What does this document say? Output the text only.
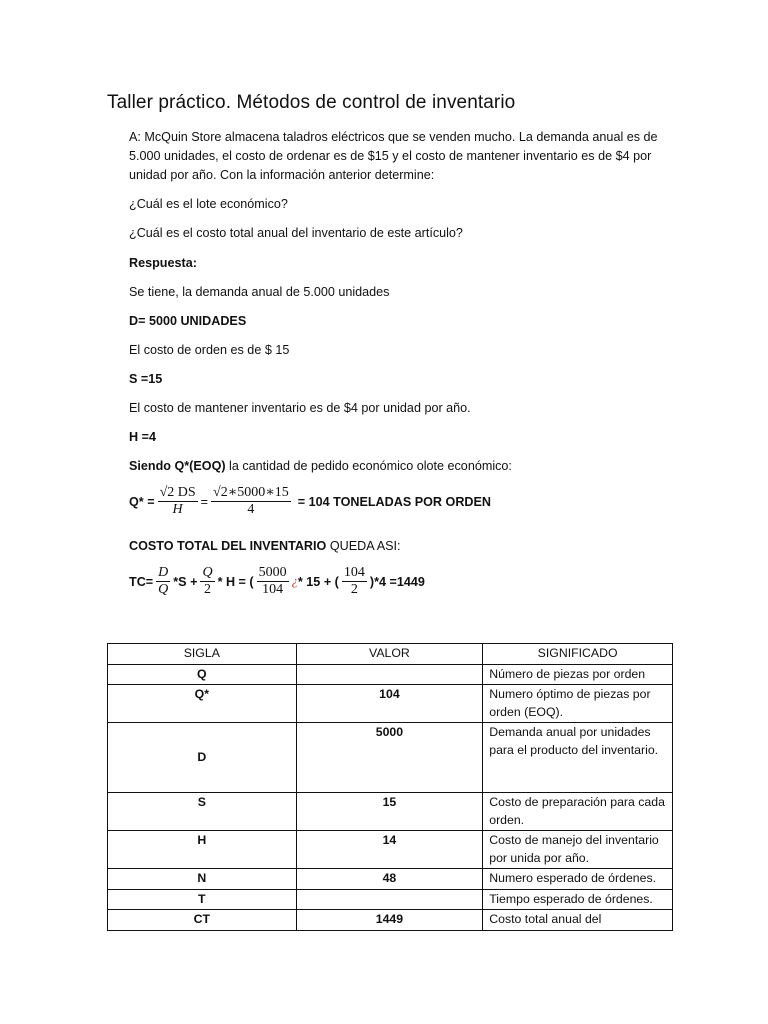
Taller práctico. Métodos de control de inventario

A: McQuin Store almacena taladros eléctricos que se venden mucho. La demanda anual es de 5.000 unidades, el costo de ordenar es de $15 y el costo de mantener inventario es de $4 por unidad por año. Con la información anterior determine:

¿Cuál es el lote económico?

¿Cuál es el costo total anual del inventario de este artículo?

Respuesta:

Se tiene, la demanda anual de 5.000 unidades

D= 5000 UNIDADES

El costo de orden es de $ 15

S =15

El costo de mantener inventario es de $4 por unidad por año.

H =4

Siendo Q*(EOQ) la cantidad de pedido económico olote económico:

$Q* = \frac{√2 DS}{H} = \frac{√2∗5000∗15}{4} = 104$ TONELADAS POR ORDEN

COSTO TOTAL DEL INVENTARIO QUEDA ASI:

$TC= \frac{D}{Q} *S + \frac{Q}{2} * H$ = ( $\frac{5000}{104}$ ¿ * 15 + ( $\frac{104}{2} )*4 =1449$
SIGLA	VALOR	SIGNIFICADO
Q		Número de piezas por orden
Q*	104	Numero óptimo de piezas por orden (EOQ).
D	5000	Demanda anual por unidades para el producto del inventario.
S	15	Costo de preparación para cada orden.
H	14	Costo de manejo del inventario por unida por año.
N	48	Numero esperado de órdenes.
T		Tiempo esperado de órdenes.
CT	1449	Costo total anual del
